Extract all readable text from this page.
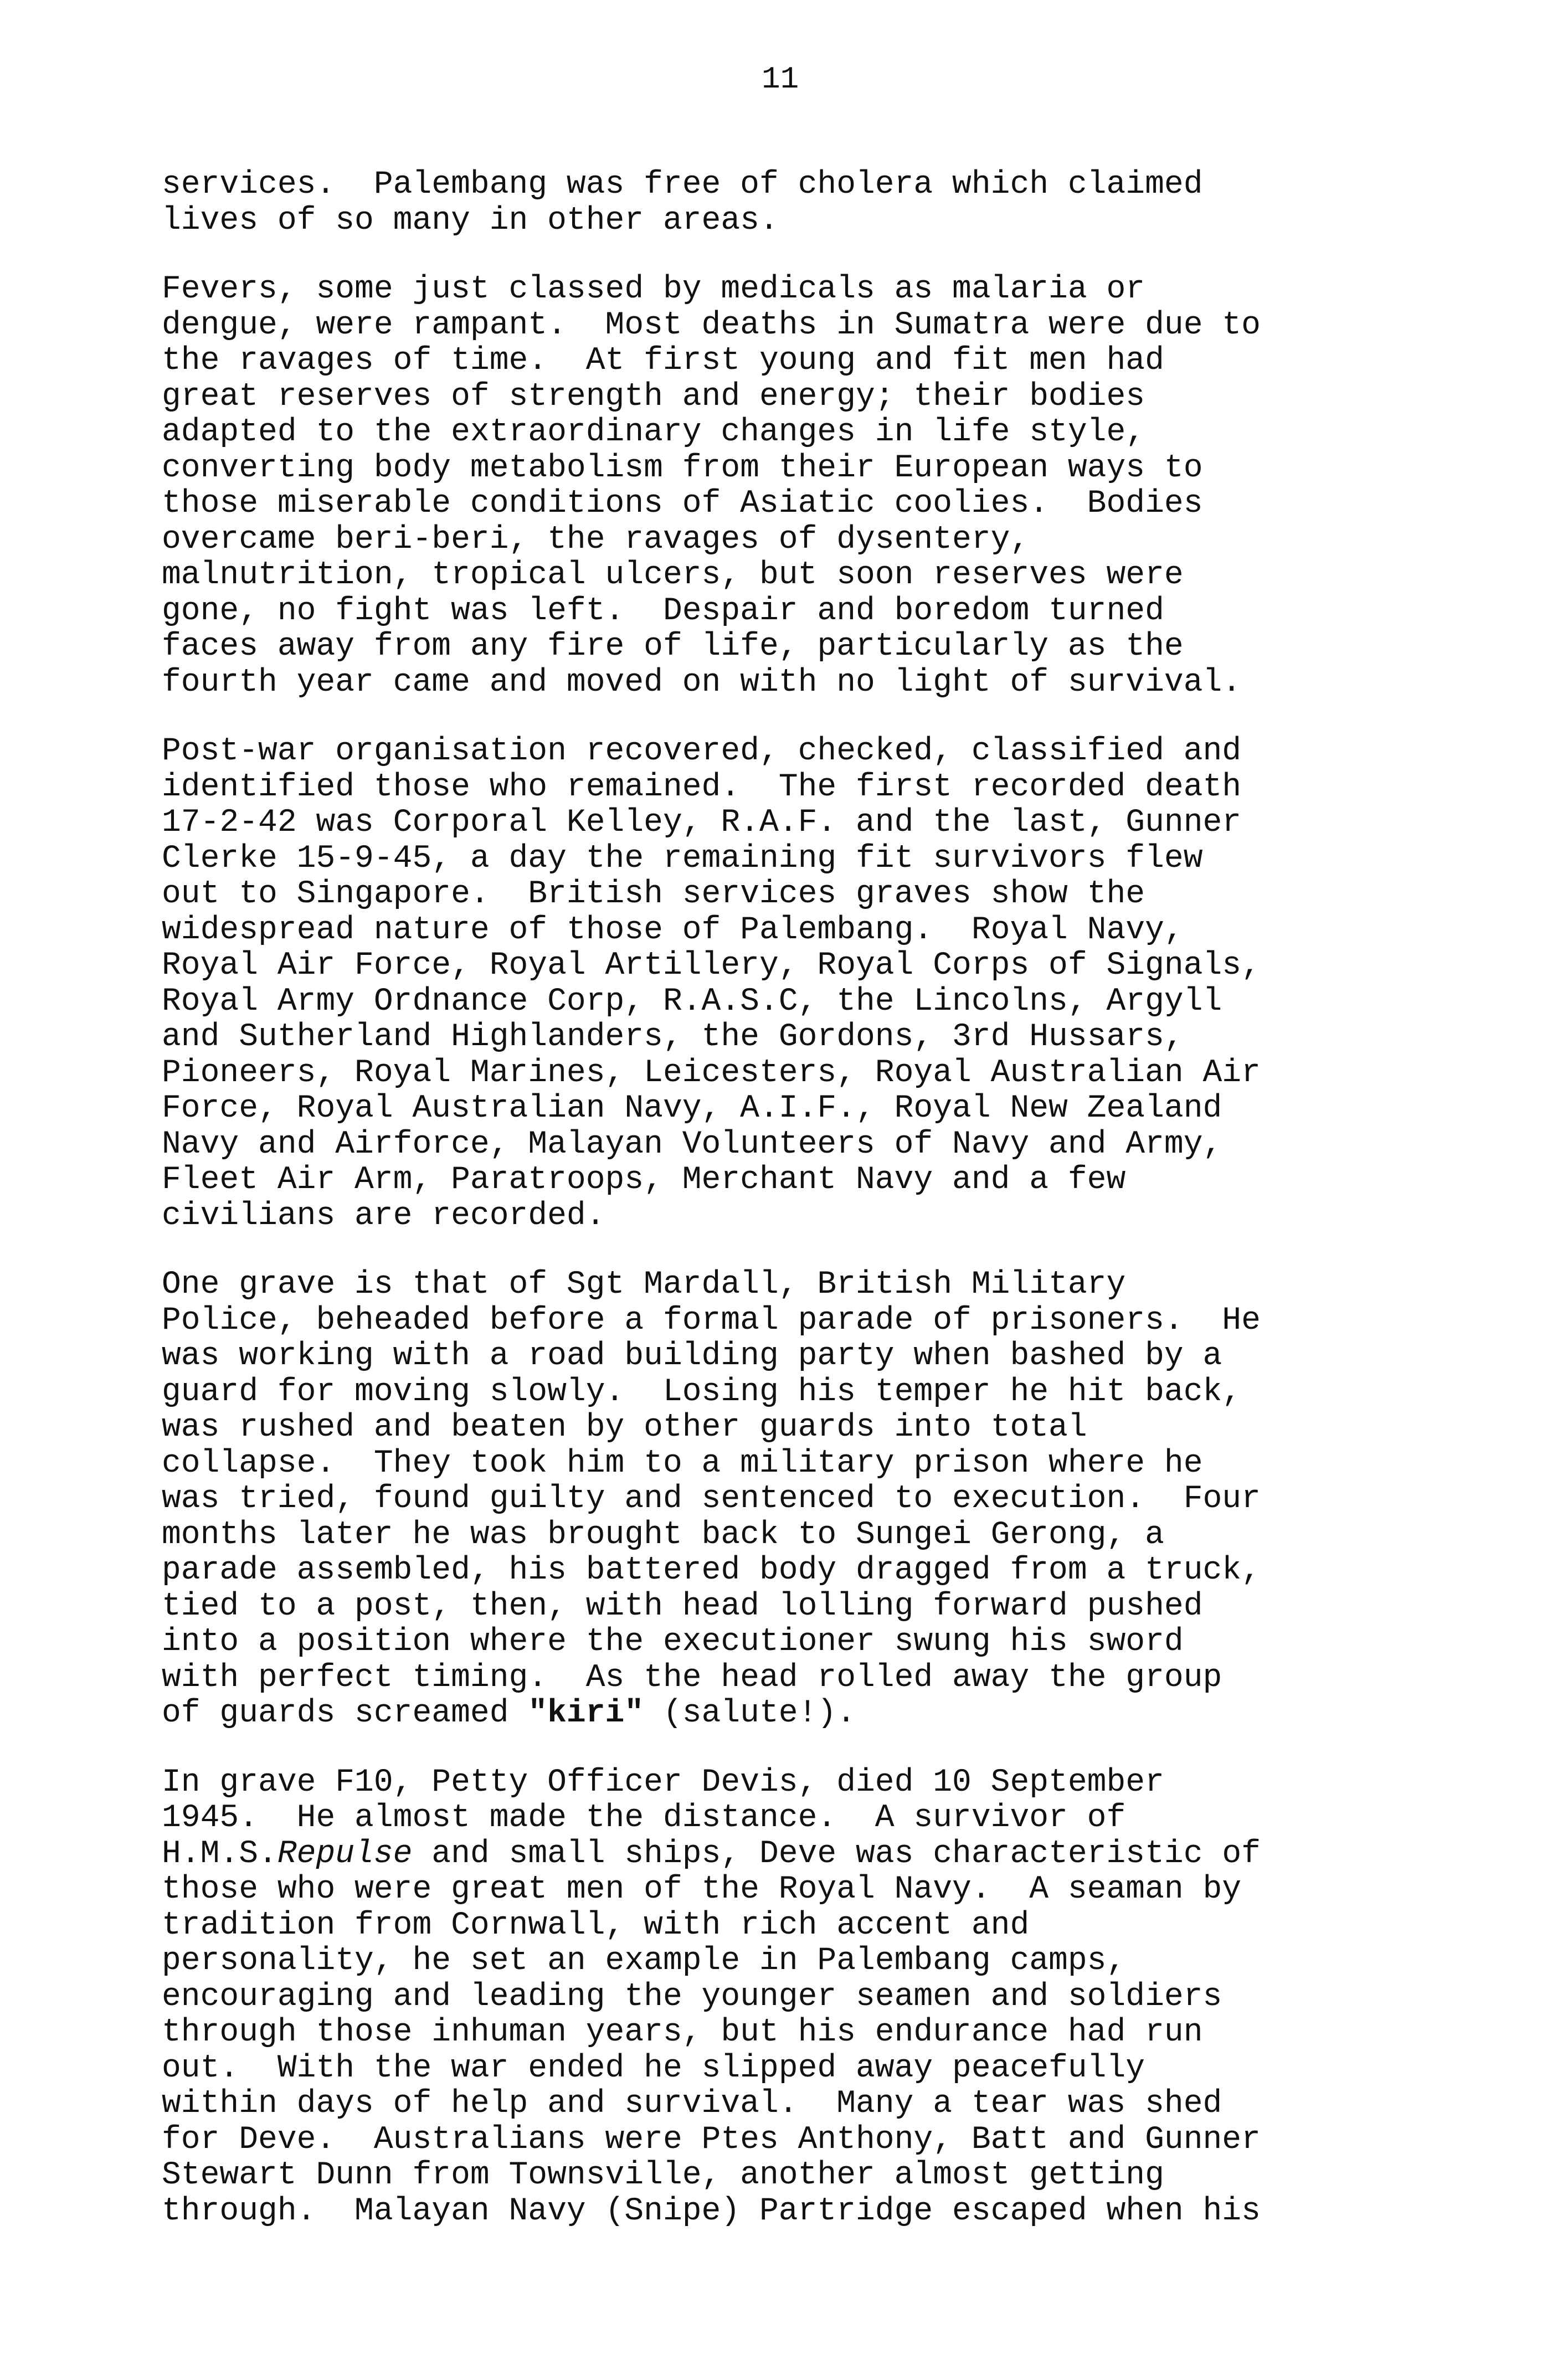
11
services.  Palembang was free of cholera which claimed
lives of so many in other areas.
Fevers, some just classed by medicals as malaria or
dengue, were rampant.  Most deaths in Sumatra were due to
the ravages of time.  At first young and fit men had
great reserves of strength and energy; their bodies
adapted to the extraordinary changes in life style,
converting body metabolism from their European ways to
those miserable conditions of Asiatic coolies.  Bodies
overcame beri-beri, the ravages of dysentery,
malnutrition, tropical ulcers, but soon reserves were
gone, no fight was left.  Despair and boredom turned
faces away from any fire of life, particularly as the
fourth year came and moved on with no light of survival.
Post-war organisation recovered, checked, classified and
identified those who remained.  The first recorded death
17-2-42 was Corporal Kelley, R.A.F. and the last, Gunner
Clerke 15-9-45, a day the remaining fit survivors flew
out to Singapore.  British services graves show the
widespread nature of those of Palembang.  Royal Navy,
Royal Air Force, Royal Artillery, Royal Corps of Signals,
Royal Army Ordnance Corp, R.A.S.C, the Lincolns, Argyll
and Sutherland Highlanders, the Gordons, 3rd Hussars,
Pioneers, Royal Marines, Leicesters, Royal Australian Air
Force, Royal Australian Navy, A.I.F., Royal New Zealand
Navy and Airforce, Malayan Volunteers of Navy and Army,
Fleet Air Arm, Paratroops, Merchant Navy and a few
civilians are recorded.
One grave is that of Sgt Mardall, British Military
Police, beheaded before a formal parade of prisoners.  He
was working with a road building party when bashed by a
guard for moving slowly.  Losing his temper he hit back,
was rushed and beaten by other guards into total
collapse.  They took him to a military prison where he
was tried, found guilty and sentenced to execution.  Four
months later he was brought back to Sungei Gerong, a
parade assembled, his battered body dragged from a truck,
tied to a post, then, with head lolling forward pushed
into a position where the executioner swung his sword
with perfect timing.  As the head rolled away the group
of guards screamed "kiri" (salute!).
In grave F10, Petty Officer Devis, died 10 September
1945.  He almost made the distance.  A survivor of
H.M.S.Repulse and small ships, Deve was characteristic of
those who were great men of the Royal Navy.  A seaman by
tradition from Cornwall, with rich accent and
personality, he set an example in Palembang camps,
encouraging and leading the younger seamen and soldiers
through those inhuman years, but his endurance had run
out.  With the war ended he slipped away peacefully
within days of help and survival.  Many a tear was shed
for Deve.  Australians were Ptes Anthony, Batt and Gunner
Stewart Dunn from Townsville, another almost getting
through.  Malayan Navy (Snipe) Partridge escaped when his
